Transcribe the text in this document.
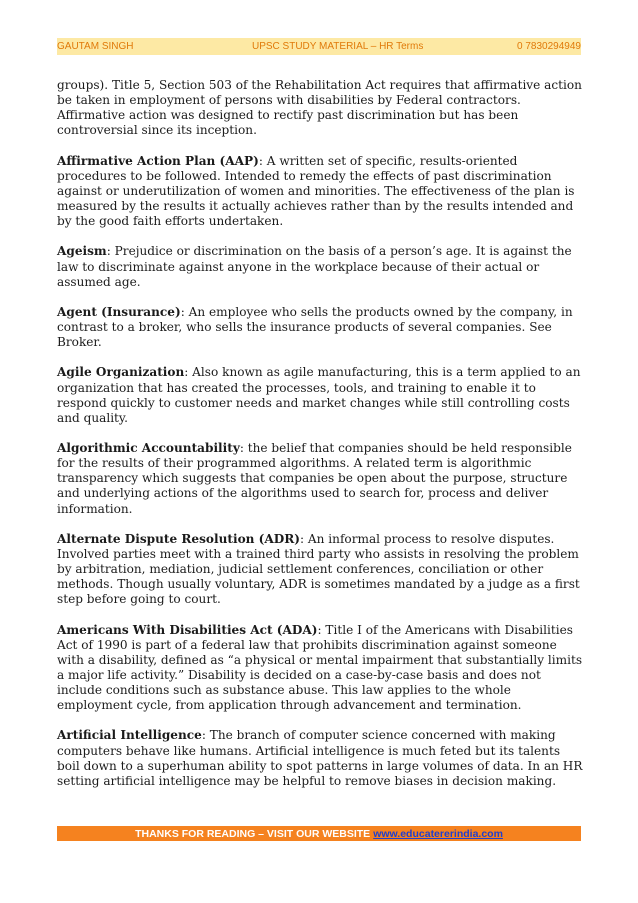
GAUTAM SINGH	UPSC STUDY MATERIAL – HR Terms	0 7830294949

groups). Title 5, Section 503 of the Rehabilitation Act requires that affirmative action be taken in employment of persons with disabilities by Federal contractors. Affirmative action was designed to rectify past discrimination but has been controversial since its inception.

Affirmative Action Plan (AAP): A written set of specific, results-oriented procedures to be followed. Intended to remedy the effects of past discrimination against or underutilization of women and minorities. The effectiveness of the plan is measured by the results it actually achieves rather than by the results intended and by the good faith efforts undertaken.

Ageism: Prejudice or discrimination on the basis of a person’s age. It is against the law to discriminate against anyone in the workplace because of their actual or assumed age.

Agent (Insurance): An employee who sells the products owned by the company, in contrast to a broker, who sells the insurance products of several companies. See Broker.

Agile Organization: Also known as agile manufacturing, this is a term applied to an organization that has created the processes, tools, and training to enable it to respond quickly to customer needs and market changes while still controlling costs and quality.

Algorithmic Accountability: the belief that companies should be held responsible for the results of their programmed algorithms. A related term is algorithmic transparency which suggests that companies be open about the purpose, structure and underlying actions of the algorithms used to search for, process and deliver information.

Alternate Dispute Resolution (ADR): An informal process to resolve disputes. Involved parties meet with a trained third party who assists in resolving the problem by arbitration, mediation, judicial settlement conferences, conciliation or other methods. Though usually voluntary, ADR is sometimes mandated by a judge as a first step before going to court.

Americans With Disabilities Act (ADA): Title I of the Americans with Disabilities Act of 1990 is part of a federal law that prohibits discrimination against someone with a disability, defined as “a physical or mental impairment that substantially limits a major life activity.” Disability is decided on a case-by-case basis and does not include conditions such as substance abuse. This law applies to the whole employment cycle, from application through advancement and termination.

Artificial Intelligence: The branch of computer science concerned with making computers behave like humans. Artificial intelligence is much feted but its talents boil down to a superhuman ability to spot patterns in large volumes of data. In an HR setting artificial intelligence may be helpful to remove biases in decision making.

THANKS FOR READING – VISIT OUR WEBSITE www.educatererindia.com
